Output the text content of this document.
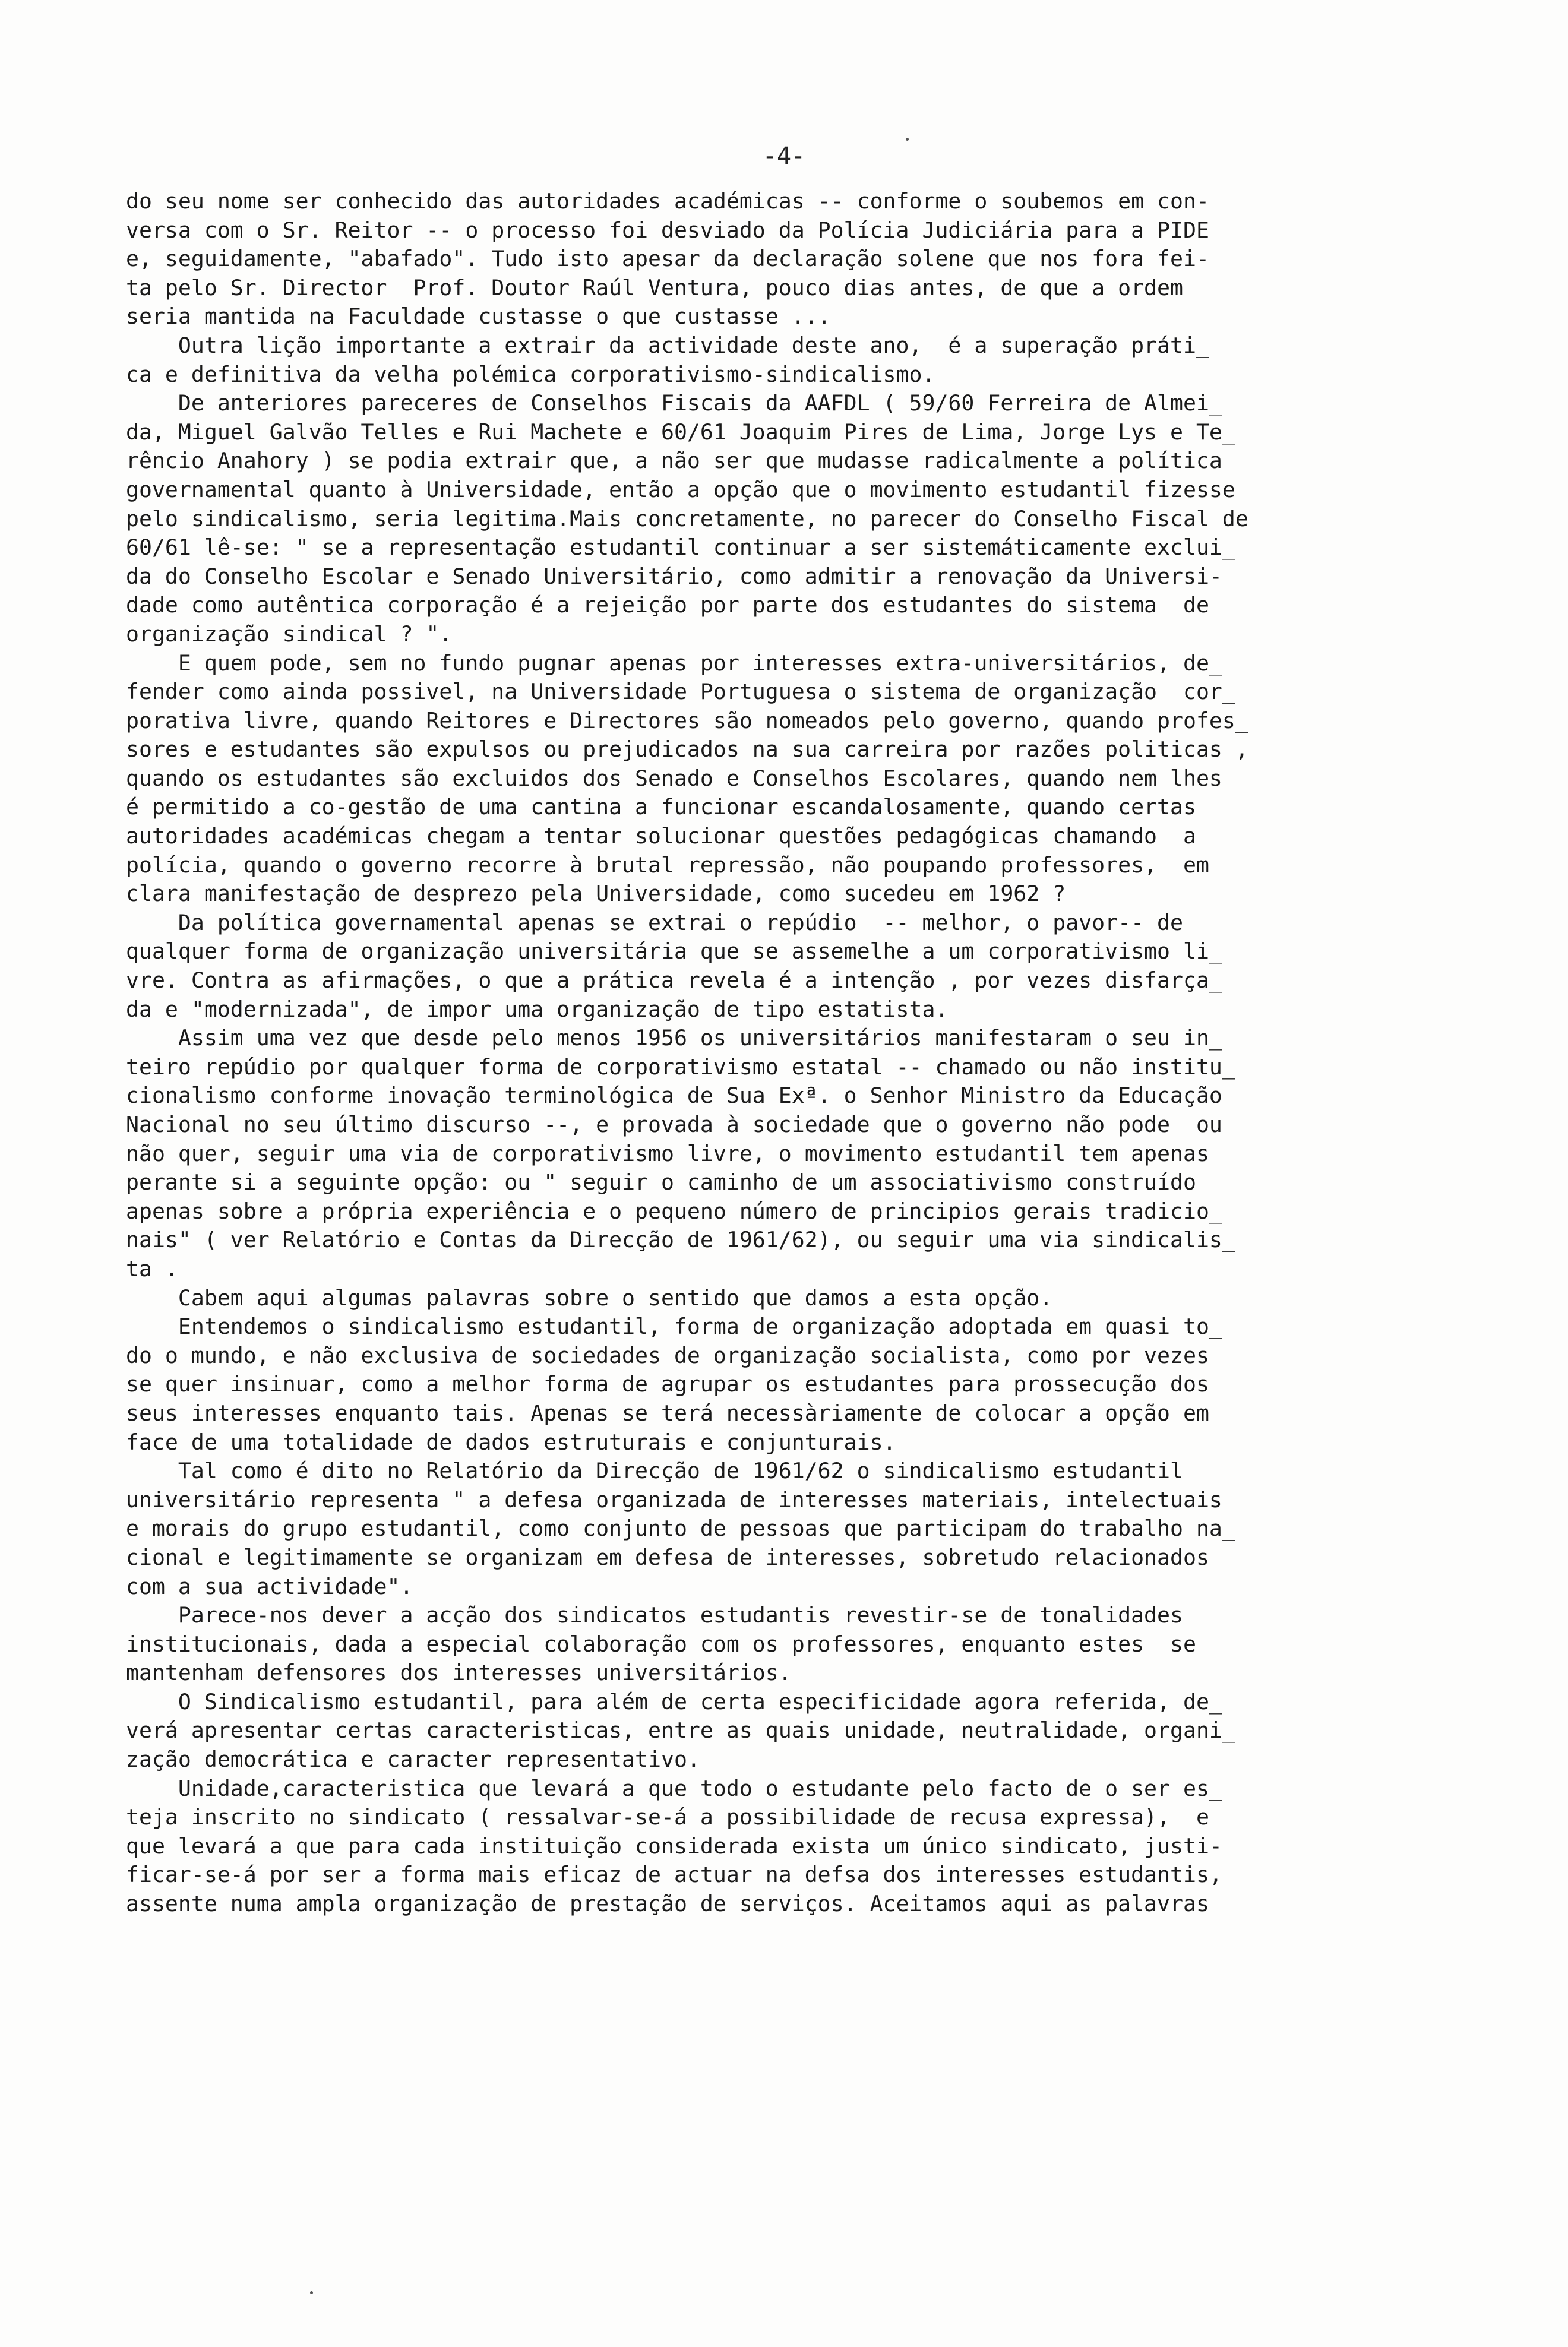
-4-
do seu nome ser conhecido das autoridades académicas -- conforme o soubemos em con-
versa com o Sr. Reitor -- o processo foi desviado da Polícia Judiciária para a PIDE
e, seguidamente, "abafado". Tudo isto apesar da declaração solene que nos fora fei-
ta pelo Sr. Director  Prof. Doutor Raúl Ventura, pouco dias antes, de que a ordem
seria mantida na Faculdade custasse o que custasse ...
Outra lição importante a extrair da actividade deste ano,  é a superação práti_
ca e definitiva da velha polémica corporativismo-sindicalismo.
De anteriores pareceres de Conselhos Fiscais da AAFDL ( 59/60 Ferreira de Almei_
da, Miguel Galvão Telles e Rui Machete e 60/61 Joaquim Pires de Lima, Jorge Lys e Te_
rêncio Anahory ) se podia extrair que, a não ser que mudasse radicalmente a política
governamental quanto à Universidade, então a opção que o movimento estudantil fizesse
pelo sindicalismo, seria legitima.Mais concretamente, no parecer do Conselho Fiscal de
60/61 lê-se: " se a representação estudantil continuar a ser sistemáticamente exclui_
da do Conselho Escolar e Senado Universitário, como admitir a renovação da Universi-
dade como autêntica corporação é a rejeição por parte dos estudantes do sistema  de
organização sindical ? ".
E quem pode, sem no fundo pugnar apenas por interesses extra-universitários, de_
fender como ainda possivel, na Universidade Portuguesa o sistema de organização  cor_
porativa livre, quando Reitores e Directores são nomeados pelo governo, quando profes_
sores e estudantes são expulsos ou prejudicados na sua carreira por razões politicas ,
quando os estudantes são excluidos dos Senado e Conselhos Escolares, quando nem lhes
é permitido a co-gestão de uma cantina a funcionar escandalosamente, quando certas
autoridades académicas chegam a tentar solucionar questões pedagógicas chamando  a
polícia, quando o governo recorre à brutal repressão, não poupando professores,  em
clara manifestação de desprezo pela Universidade, como sucedeu em 1962 ?
Da política governamental apenas se extrai o repúdio  -- melhor, o pavor-- de
qualquer forma de organização universitária que se assemelhe a um corporativismo li_
vre. Contra as afirmações, o que a prática revela é a intenção , por vezes disfarça_
da e "modernizada", de impor uma organização de tipo estatista.
Assim uma vez que desde pelo menos 1956 os universitários manifestaram o seu in_
teiro repúdio por qualquer forma de corporativismo estatal -- chamado ou não institu_
cionalismo conforme inovação terminológica de Sua Exª. o Senhor Ministro da Educação
Nacional no seu último discurso --, e provada à sociedade que o governo não pode  ou
não quer, seguir uma via de corporativismo livre, o movimento estudantil tem apenas
perante si a seguinte opção: ou " seguir o caminho de um associativismo construído
apenas sobre a própria experiência e o pequeno número de principios gerais tradicio_
nais" ( ver Relatório e Contas da Direcção de 1961/62), ou seguir uma via sindicalis_
ta .
Cabem aqui algumas palavras sobre o sentido que damos a esta opção.
Entendemos o sindicalismo estudantil, forma de organização adoptada em quasi to_
do o mundo, e não exclusiva de sociedades de organização socialista, como por vezes
se quer insinuar, como a melhor forma de agrupar os estudantes para prossecução dos
seus interesses enquanto tais. Apenas se terá necessàriamente de colocar a opção em
face de uma totalidade de dados estruturais e conjunturais.
Tal como é dito no Relatório da Direcção de 1961/62 o sindicalismo estudantil
universitário representa " a defesa organizada de interesses materiais, intelectuais
e morais do grupo estudantil, como conjunto de pessoas que participam do trabalho na_
cional e legitimamente se organizam em defesa de interesses, sobretudo relacionados
com a sua actividade".
Parece-nos dever a acção dos sindicatos estudantis revestir-se de tonalidades
institucionais, dada a especial colaboração com os professores, enquanto estes  se
mantenham defensores dos interesses universitários.
O Sindicalismo estudantil, para além de certa especificidade agora referida, de_
verá apresentar certas caracteristicas, entre as quais unidade, neutralidade, organi_
zação democrática e caracter representativo.
Unidade,caracteristica que levará a que todo o estudante pelo facto de o ser es_
teja inscrito no sindicato ( ressalvar-se-á a possibilidade de recusa expressa),  e
que levará a que para cada instituição considerada exista um único sindicato, justi-
ficar-se-á por ser a forma mais eficaz de actuar na defsa dos interesses estudantis,
assente numa ampla organização de prestação de serviços. Aceitamos aqui as palavras
